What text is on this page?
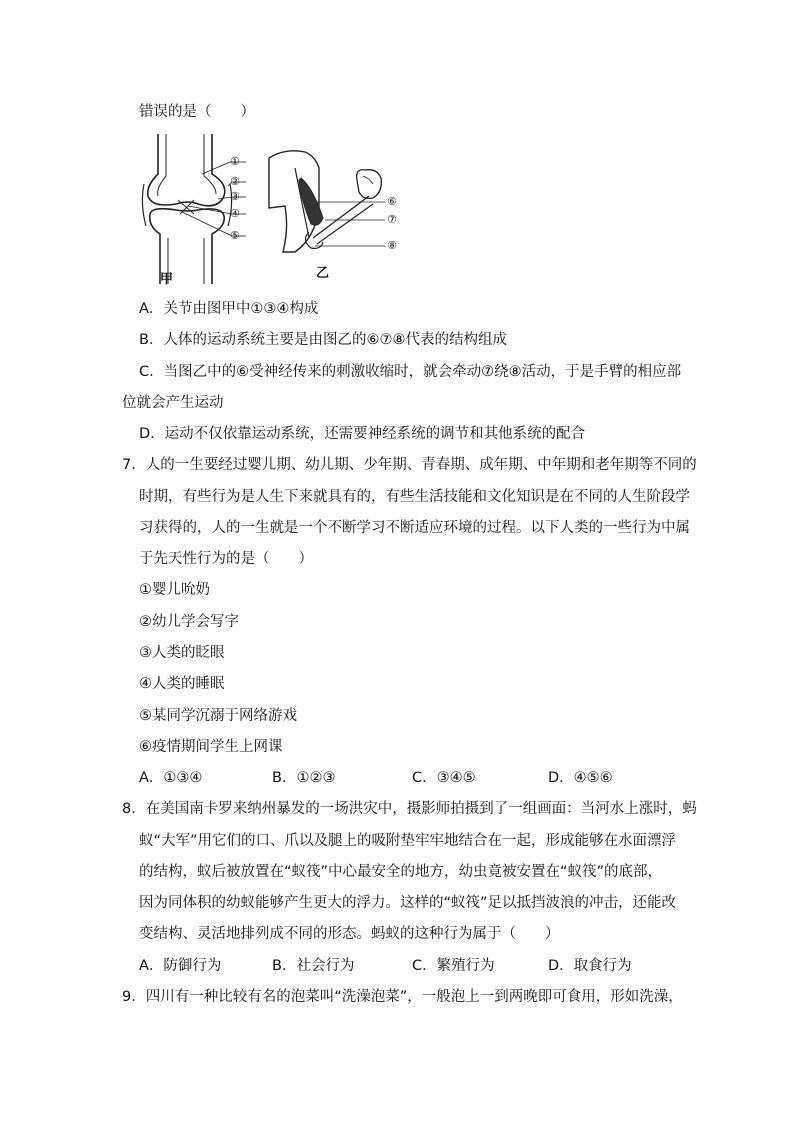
错误的是（　　）
①
②
③
④
⑤
甲
⑥
⑦
⑧
乙
A．关节由图甲中①③④构成
B．人体的运动系统主要是由图乙的⑥⑦⑧代表的结构组成
C．当图乙中的⑥受神经传来的刺激收缩时，就会牵动⑦绕⑧活动，于是手臂的相应部
位就会产生运动
D．运动不仅依靠运动系统，还需要神经系统的调节和其他系统的配合
7．人的一生要经过婴儿期、幼儿期、少年期、青春期、成年期、中年期和老年期等不同的
时期，有些行为是人生下来就具有的，有些生活技能和文化知识是在不同的人生阶段学
习获得的，人的一生就是一个不断学习不断适应环境的过程。以下人类的一些行为中属
于先天性行为的是（　　）
①婴儿吮奶
②幼儿学会写字
③人类的眨眼
④人类的睡眠
⑤某同学沉溺于网络游戏
⑥疫情期间学生上网课
A．①③④	B．①②③	C．③④⑤	D．④⑤⑥
8．在美国南卡罗来纳州暴发的一场洪灾中，摄影师拍摄到了一组画面：当河水上涨时，蚂
蚁“大军”用它们的口、爪以及腿上的吸附垫牢牢地结合在一起，形成能够在水面漂浮
的结构，蚁后被放置在“蚁筏”中心最安全的地方，幼虫竟被安置在“蚁筏”的底部，
因为同体积的幼蚁能够产生更大的浮力。这样的“蚁筏”足以抵挡波浪的冲击，还能改
变结构、灵活地排列成不同的形态。蚂蚁的这种行为属于（　　）
A．防御行为	B．社会行为	C．繁殖行为	D．取食行为
9．四川有一种比较有名的泡菜叫“洗澡泡菜”，一般泡上一到两晚即可食用，形如洗澡，
